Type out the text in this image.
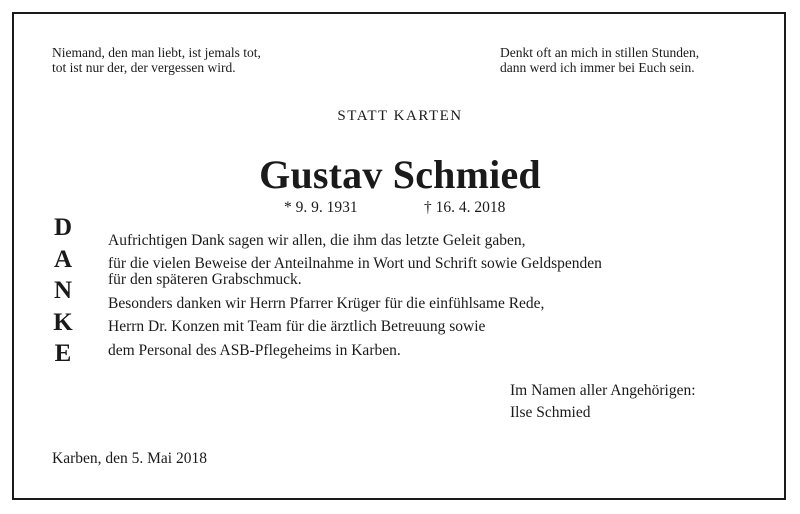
Niemand, den man liebt, ist jemals tot,
tot ist nur der, der vergessen wird.
Denkt oft an mich in stillen Stunden,
dann werd ich immer bei Euch sein.
STATT KARTEN
Gustav Schmied
* 9. 9. 1931	† 16. 4. 2018
D
A
N
K
E
Aufrichtigen Dank sagen wir allen, die ihm das letzte Geleit gaben,
für die vielen Beweise der Anteilnahme in Wort und Schrift sowie Geldspenden
für den späteren Grabschmuck.
Besonders danken wir Herrn Pfarrer Krüger für die einfühlsame Rede,
Herrn Dr. Konzen mit Team für die ärztlich Betreuung sowie
dem Personal des ASB-Pflegeheims in Karben.
Im Namen aller Angehörigen:
Ilse Schmied
Karben, den 5. Mai 2018
